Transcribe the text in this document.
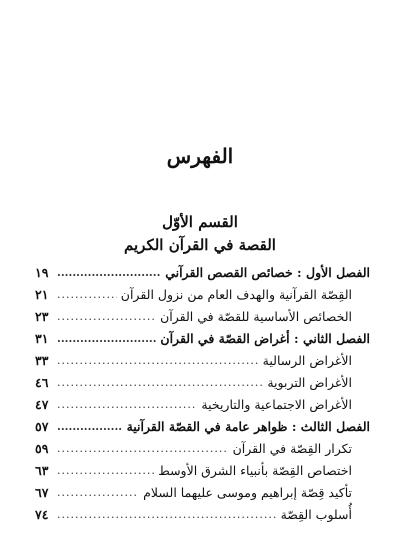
الفهرس
القسم الأوّل
القصة في القرآن الكريم
الفصل الأول : خصائص القصص القرآني
.....
١٩
القِصّة القرآنية والهدف العام من نزول القرآن
.....
٢١
الخصائص الأساسية للقصّة في القرآن
.....
٢٣
الفصل الثاني : أغراض القصّة في القرآن
.....
٣١
الأغراض الرسالية
.....
٣٣
الأغراض التربوية
.....
٤٦
الأغراض الاجتماعية والتاريخية
.....
٤٧
الفصل الثالث : ظواهر عامة في القصّة القرآنية
.....
٥٧
تكرار القِصّة في القرآن
.....
٥٩
اختصاص القِصّة بأنبياء الشرق الأوسط
.....
٦٣
تأكيد قِصّة إبراهيم وموسى عليهما السلام
.....
٦٧
أُسلوب القِصّة
.....
٧٤
